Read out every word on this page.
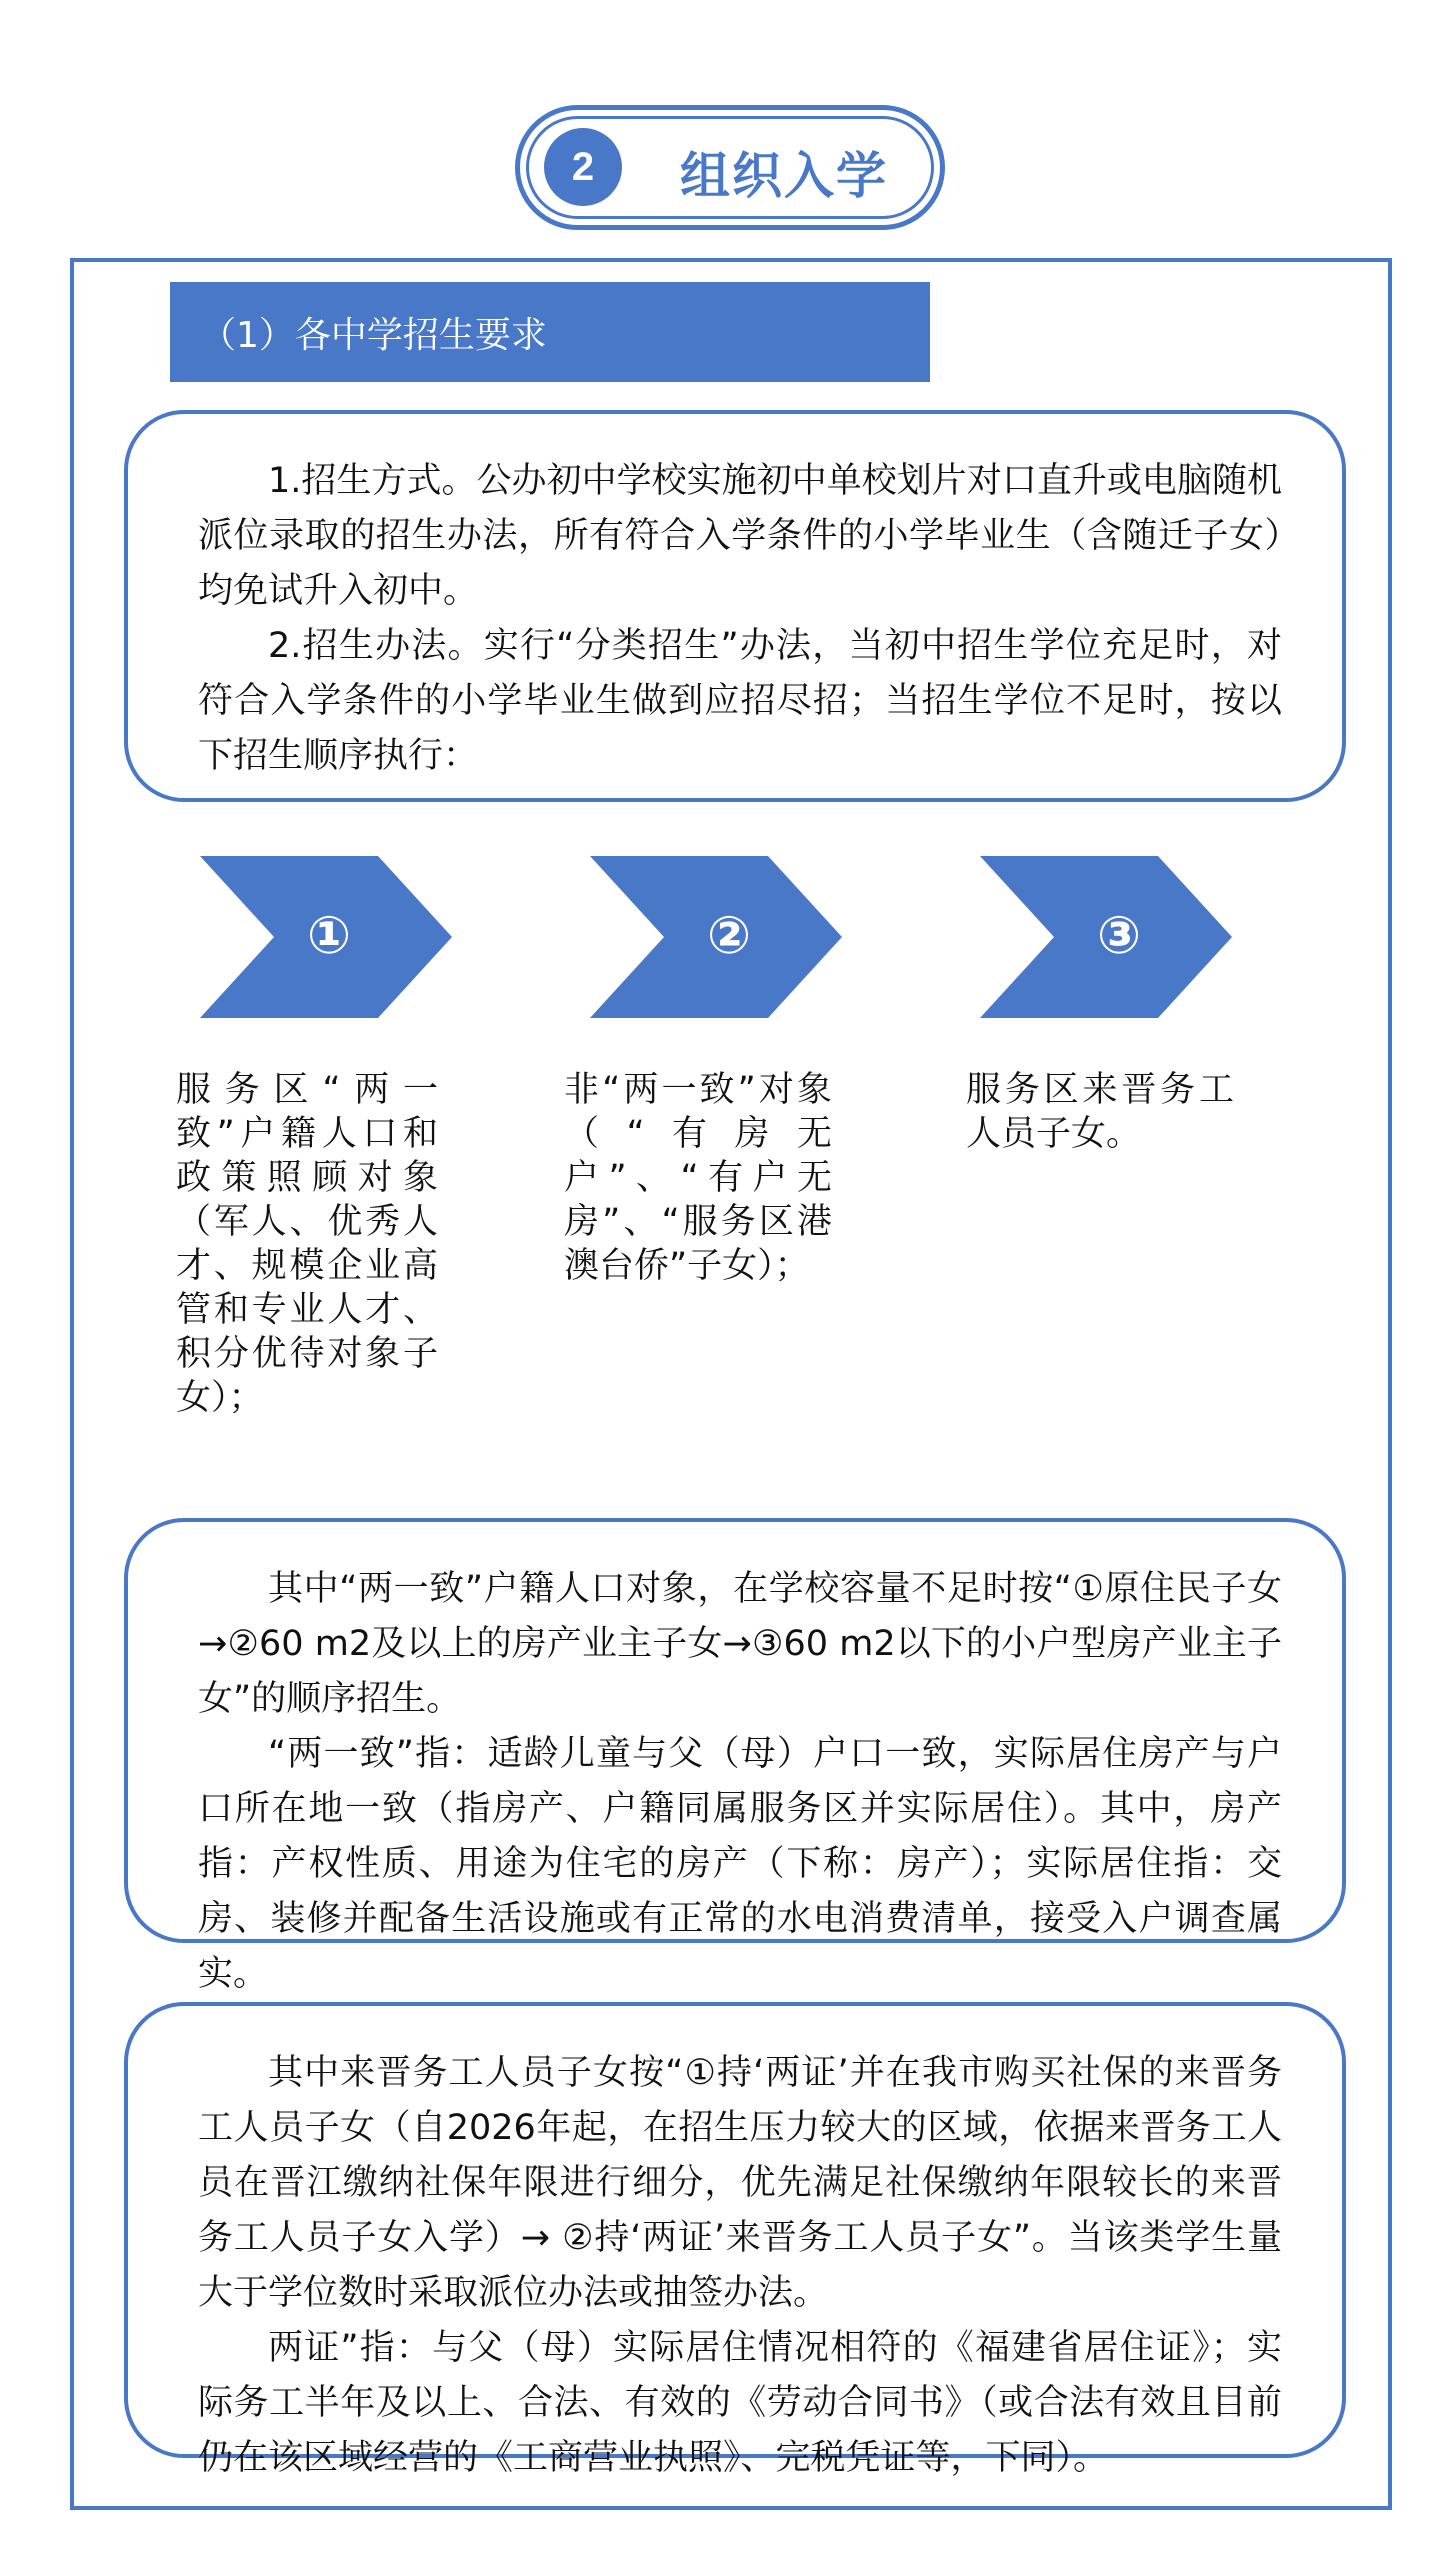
2	组织入学
（1）各中学招生要求

1.招生方式。公办初中学校实施初中单校划片对口直升或电脑随机派位录取的招生办法，所有符合入学条件的小学毕业生（含随迁子女）均免试升入初中。

2.招生办法。实行“分类招生”办法，当初中招生学位充足时，对符合入学条件的小学毕业生做到应招尽招；当招生学位不足时，按以下招生顺序执行：

①	②	③
服务区“两一致”户籍人口和政策照顾对象（军人、优秀人才、规模企业高管和专业人才、积分优待对象子女）；
非“两一致”对象（“有房无户”、“有户无房”、“服务区港澳台侨”子女）；
服务区来晋务工人员子女。

其中“两一致”户籍人口对象，在学校容量不足时按“①原住民子女→②60 m2及以上的房产业主子女→③60 m2以下的小户型房产业主子女”的顺序招生。

“两一致”指：适龄儿童与父（母）户口一致，实际居住房产与户口所在地一致（指房产、户籍同属服务区并实际居住）。其中，房产指：产权性质、用途为住宅的房产（下称：房产）；实际居住指：交房、装修并配备生活设施或有正常的水电消费清单，接受入户调查属实。

其中来晋务工人员子女按“①持‘两证’并在我市购买社保的来晋务工人员子女（自2026年起，在招生压力较大的区域，依据来晋务工人员在晋江缴纳社保年限进行细分，优先满足社保缴纳年限较长的来晋务工人员子女入学）→ ②持‘两证’来晋务工人员子女”。当该类学生量大于学位数时采取派位办法或抽签办法。

两证”指：与父（母）实际居住情况相符的《福建省居住证》；实际务工半年及以上、合法、有效的《劳动合同书》（或合法有效且目前仍在该区域经营的《工商营业执照》、完税凭证等，下同）。
